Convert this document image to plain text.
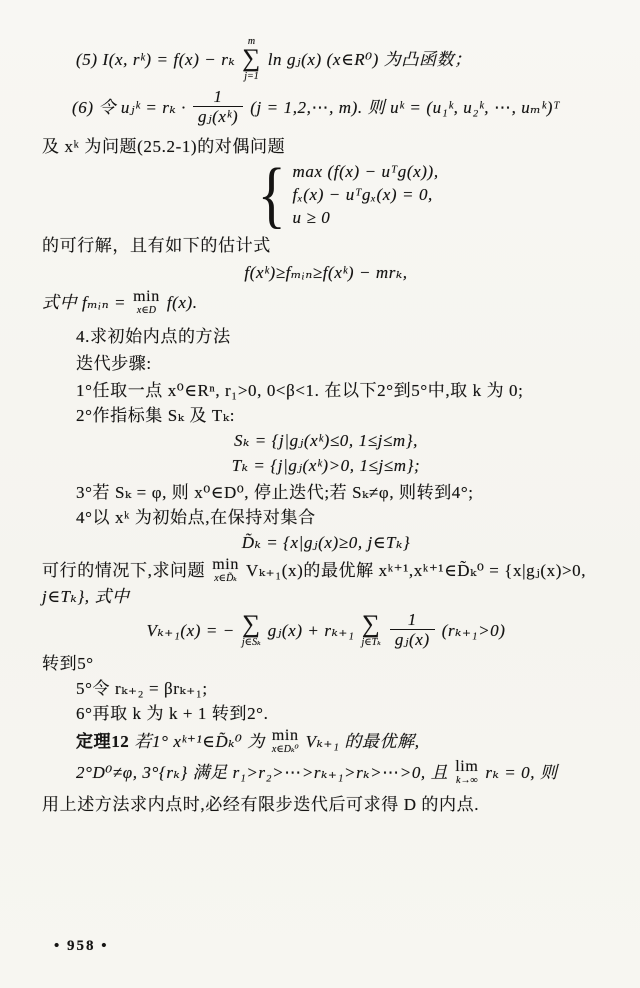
(5) I(x, rᵏ) = f(x) − rₖ
m
∑
j=1
ln gⱼ(x) (x∈R⁰) 为凸函数；
(6) 令 uⱼᵏ = $r_k \cdot \frac{1}{\text{gⱼ(xᵏ)}} (j$ = 1,2,⋯, m). 则 uᵏ = (u₁ᵏ, u₂ᵏ, ⋯, uₘᵏ)ᵀ
及 xᵏ 为问题(25.2-1)的对偶问题
{ max (f(x) − uᵀg(x)),
fₓ(x) − uᵀgₓ(x) = 0,
u ≥ 0
的可行解，且有如下的估计式
f(xᵏ)≥fₘᵢₙ≥f(xᵏ) − mrₖ,
式中 fₘᵢₙ = min
x∈D f(x).
4.求初始内点的方法
迭代步骤:
1°任取一点 x⁰∈Rⁿ, r₁>0, 0<β<1. 在以下2°到5°中,取 k 为 0;
2°作指标集 Sₖ 及 Tₖ:
Sₖ = {j|gⱼ(xᵏ)≤0, 1≤j≤m},
Tₖ = {j|gⱼ(xᵏ)>0, 1≤j≤m};
3°若 Sₖ = φ, 则 x⁰∈D⁰, 停止迭代;若 Sₖ≠φ, 则转到4°;
4°以 xᵏ 为初始点,在保持对集合
D̃ₖ = {x|gⱼ(x)≥0, j∈Tₖ}
可行的情况下,求问题 min
x∈D̃ₖ Vₖ₊₁(x)的最优解 xᵏ⁺¹,xᵏ⁺¹∈D̃ₖ⁰ = {x|gⱼ(x)>0,
j∈Tₖ}, 式中
Vₖ₊₁(x) = − ∑
j∈Sₖ
gⱼ(x) + rₖ₊₁ ∑
j∈Tₖ $\frac{1}{\text{gⱼ(x)}} (r_{k+1}>0)$
转到5°
5°令 rₖ₊₂ = βrₖ₊₁;
6°再取 k 为 k + 1 转到2°.
定理12 若1° xᵏ⁺¹∈D̃ₖ⁰ 为 min
x∈Dₖ⁰ Vₖ₊₁ 的最优解,
2°D⁰≠φ, 3°{rₖ} 满足 r₁>r₂>⋯>rₖ₊₁>rₖ>⋯>0, 且 lim
k→∞ rₖ = 0, 则
用上述方法求内点时,必经有限步迭代后可求得 D 的内点.
• 958 •
